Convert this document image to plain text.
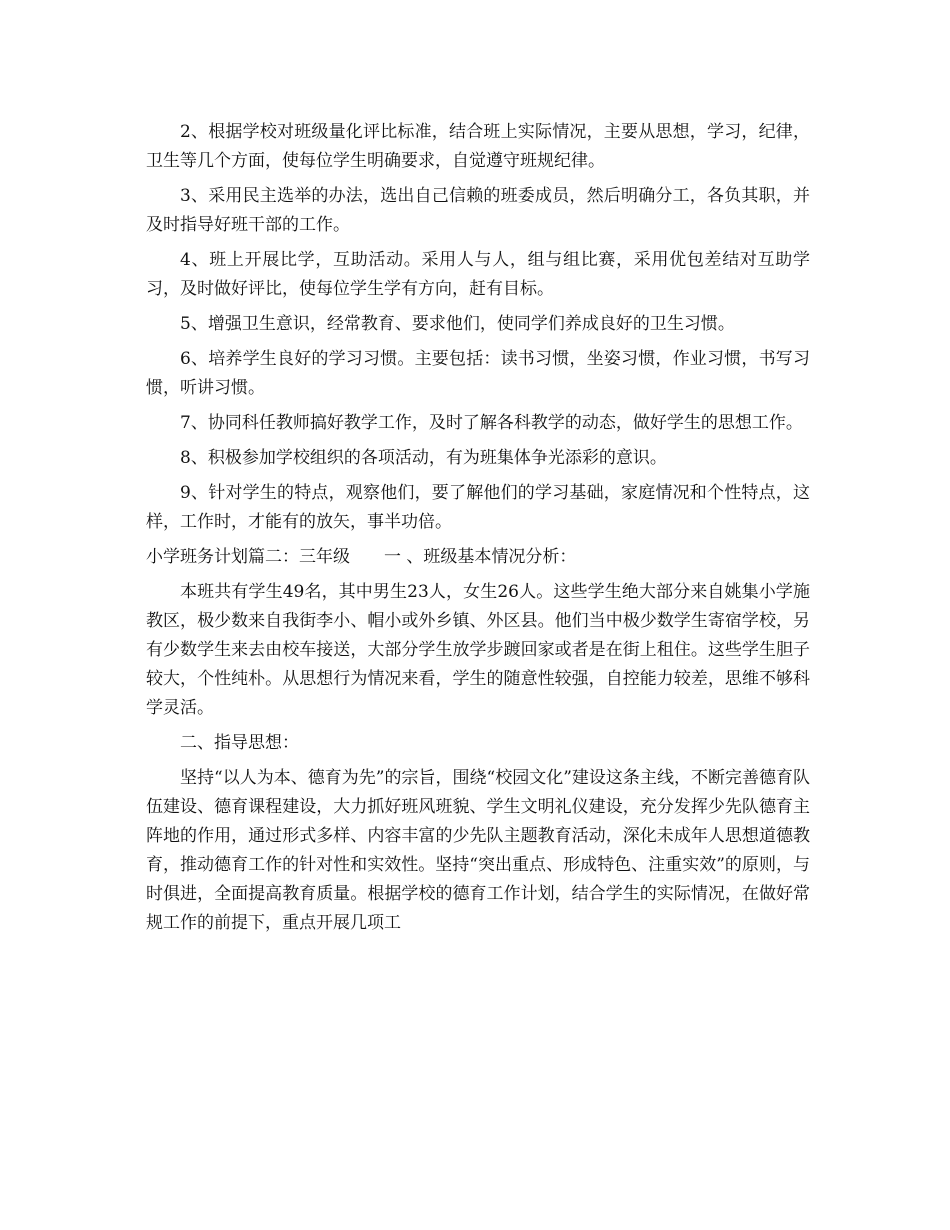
2、根据学校对班级量化评比标准，结合班上实际情况，主要从思想，学习，纪律，卫生等几个方面，使每位学生明确要求，自觉遵守班规纪律。

3、采用民主选举的办法，选出自己信赖的班委成员，然后明确分工，各负其职，并及时指导好班干部的工作。

4、班上开展比学，互助活动。采用人与人，组与组比赛，采用优包差结对互助学习，及时做好评比，使每位学生学有方向，赶有目标。

5、增强卫生意识，经常教育、要求他们，使同学们养成良好的卫生习惯。

6、培养学生良好的学习习惯。主要包括：读书习惯，坐姿习惯，作业习惯，书写习惯，听讲习惯。

7、协同科任教师搞好教学工作，及时了解各科教学的动态，做好学生的思想工作。

8、积极参加学校组织的各项活动，有为班集体争光添彩的意识。

9、针对学生的特点，观察他们，要了解他们的学习基础，家庭情况和个性特点，这样，工作时，才能有的放矢，事半功倍。

小学班务计划篇二：三年级 一 、班级基本情况分析：

本班共有学生49名，其中男生23人，女生26人。这些学生绝大部分来自姚集小学施教区，极少数来自我街李小、帽小或外乡镇、外区县。他们当中极少数学生寄宿学校，另有少数学生来去由校车接送，大部分学生放学步踱回家或者是在街上租住。这些学生胆子较大，个性纯朴。从思想行为情况来看，学生的随意性较强，自控能力较差，思维不够科学灵活。

二、指导思想：

坚持“以人为本、德育为先”的宗旨，围绕“校园文化”建设这条主线，不断完善德育队伍建设、德育课程建设，大力抓好班风班貌、学生文明礼仪建设，充分发挥少先队德育主阵地的作用，通过形式多样、内容丰富的少先队主题教育活动，深化未成年人思想道德教育，推动德育工作的针对性和实效性。坚持“突出重点、形成特色、注重实效”的原则，与时俱进，全面提高教育质量。根据学校的德育工作计划，结合学生的实际情况，在做好常规工作的前提下，重点开展几项工
